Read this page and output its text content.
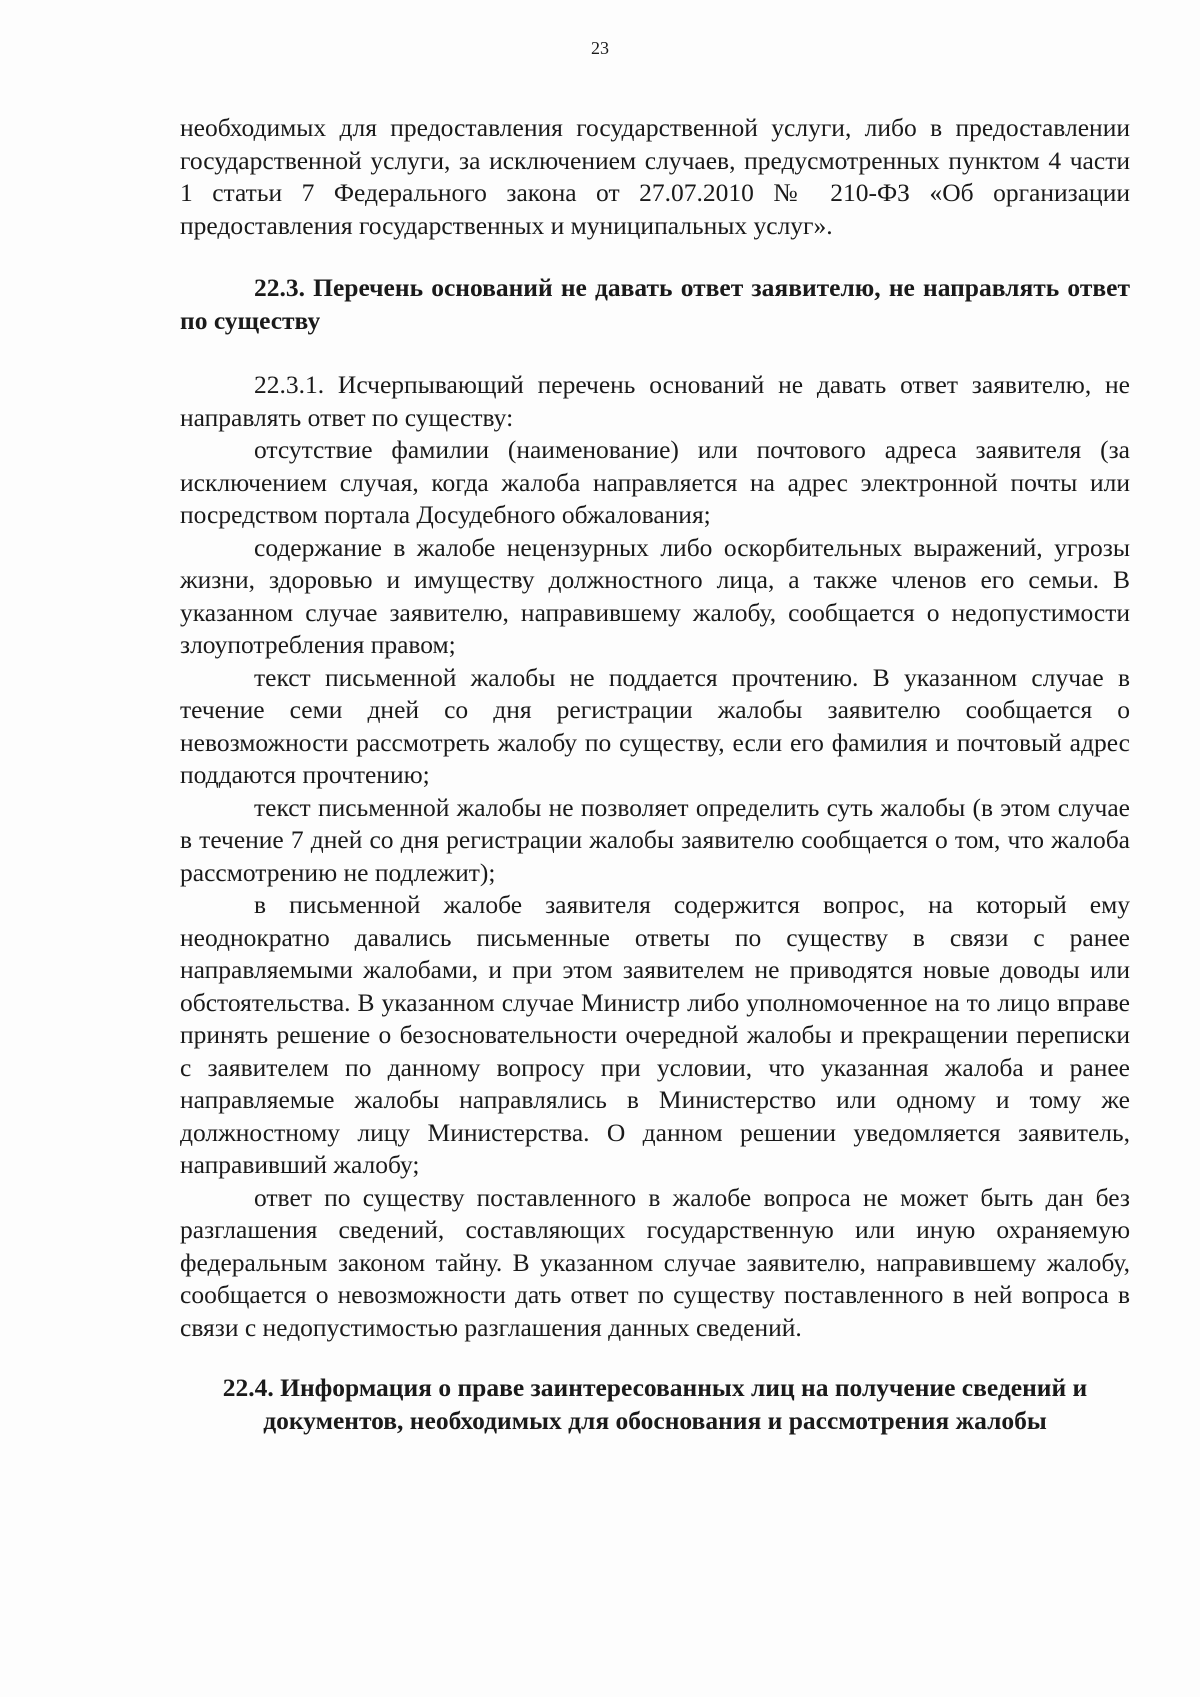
23

необходимых для предоставления государственной услуги, либо в предоставлении государственной услуги, за исключением случаев, предусмотренных пунктом 4 части 1 статьи 7 Федерального закона от 27.07.2010 № 210-ФЗ «Об организации предоставления государственных и муниципальных услуг».

22.3. Перечень оснований не давать ответ заявителю, не направлять ответ по существу

22.3.1. Исчерпывающий перечень оснований не давать ответ заявителю, не направлять ответ по существу:

отсутствие фамилии (наименование) или почтового адреса заявителя (за исключением случая, когда жалоба направляется на адрес электронной почты или посредством портала Досудебного обжалования;

содержание в жалобе нецензурных либо оскорбительных выражений, угрозы жизни, здоровью и имуществу должностного лица, а также членов его семьи. В указанном случае заявителю, направившему жалобу, сообщается о недопустимости злоупотребления правом;

текст письменной жалобы не поддается прочтению. В указанном случае в течение семи дней со дня регистрации жалобы заявителю сообщается о невозможности рассмотреть жалобу по существу, если его фамилия и почтовый адрес поддаются прочтению;

текст письменной жалобы не позволяет определить суть жалобы (в этом случае в течение 7 дней со дня регистрации жалобы заявителю сообщается о том, что жалоба рассмотрению не подлежит);

в письменной жалобе заявителя содержится вопрос, на который ему неоднократно давались письменные ответы по существу в связи с ранее направляемыми жалобами, и при этом заявителем не приводятся новые доводы или обстоятельства. В указанном случае Министр либо уполномоченное на то лицо вправе принять решение о безосновательности очередной жалобы и прекращении переписки с заявителем по данному вопросу при условии, что указанная жалоба и ранее направляемые жалобы направлялись в Министерство или одному и тому же должностному лицу Министерства. О данном решении уведомляется заявитель, направивший жалобу;

ответ по существу поставленного в жалобе вопроса не может быть дан без разглашения сведений, составляющих государственную или иную охраняемую федеральным законом тайну. В указанном случае заявителю, направившему жалобу, сообщается о невозможности дать ответ по существу поставленного в ней вопроса в связи с недопустимостью разглашения данных сведений.

22.4. Информация о праве заинтересованных лиц на получение сведений и документов, необходимых для обоснования и рассмотрения жалобы
